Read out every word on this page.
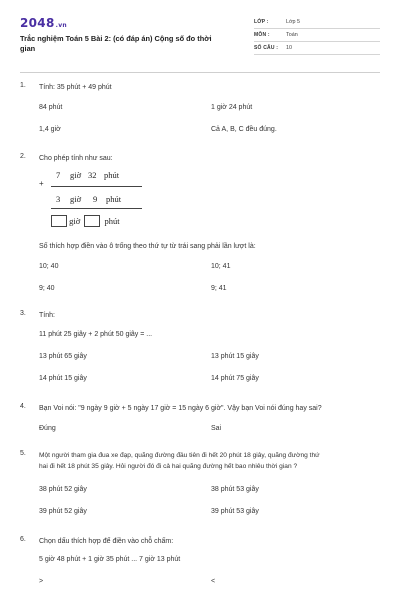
2048.vn
Trắc nghiệm Toán 5 Bài 2: (có đáp án) Cộng số đo thời gian
LỚP :	Lớp 5
MÔN :	Toán
SỐ CÂU : 10
1. Tính: 35 phút + 49 phút
84 phút	1 giờ 24 phút
1,4 giờ	Cả A, B, C đều đúng.
2. Cho phép tính như sau:
+
7 giờ 32 phút
3 giờ 9 phút
giờ	phút
Số thích hợp điền vào ô trống theo thứ tự từ trái sang phải lần lượt là:
10; 40	10; 41
9; 40	9; 41
3. Tính:
11 phút 25 giây + 2 phút 50 giây = ...
13 phút 65 giây	13 phút 15 giây
14 phút 15 giây	14 phút 75 giây
4. Bạn Voi nói: "9 ngày 9 giờ + 5 ngày 17 giờ = 15 ngày 6 giờ". Vậy bạn Voi nói đúng hay sai?
Đúng	Sai
5. Một người tham gia đua xe đạp, quãng đường đầu tiên đi hết 20 phút 18 giây, quãng đường thứ
hai đi hết 18 phút 35 giây. Hỏi người đó đi cả hai quãng đường hết bao nhiêu thời gian ?
38 phút 52 giây	38 phút 53 giây
39 phút 52 giây	39 phút 53 giây
6. Chọn dấu thích hợp để điền vào chỗ chấm:
5 giờ 48 phút + 1 giờ 35 phút ... 7 giờ 13 phút
>	<
